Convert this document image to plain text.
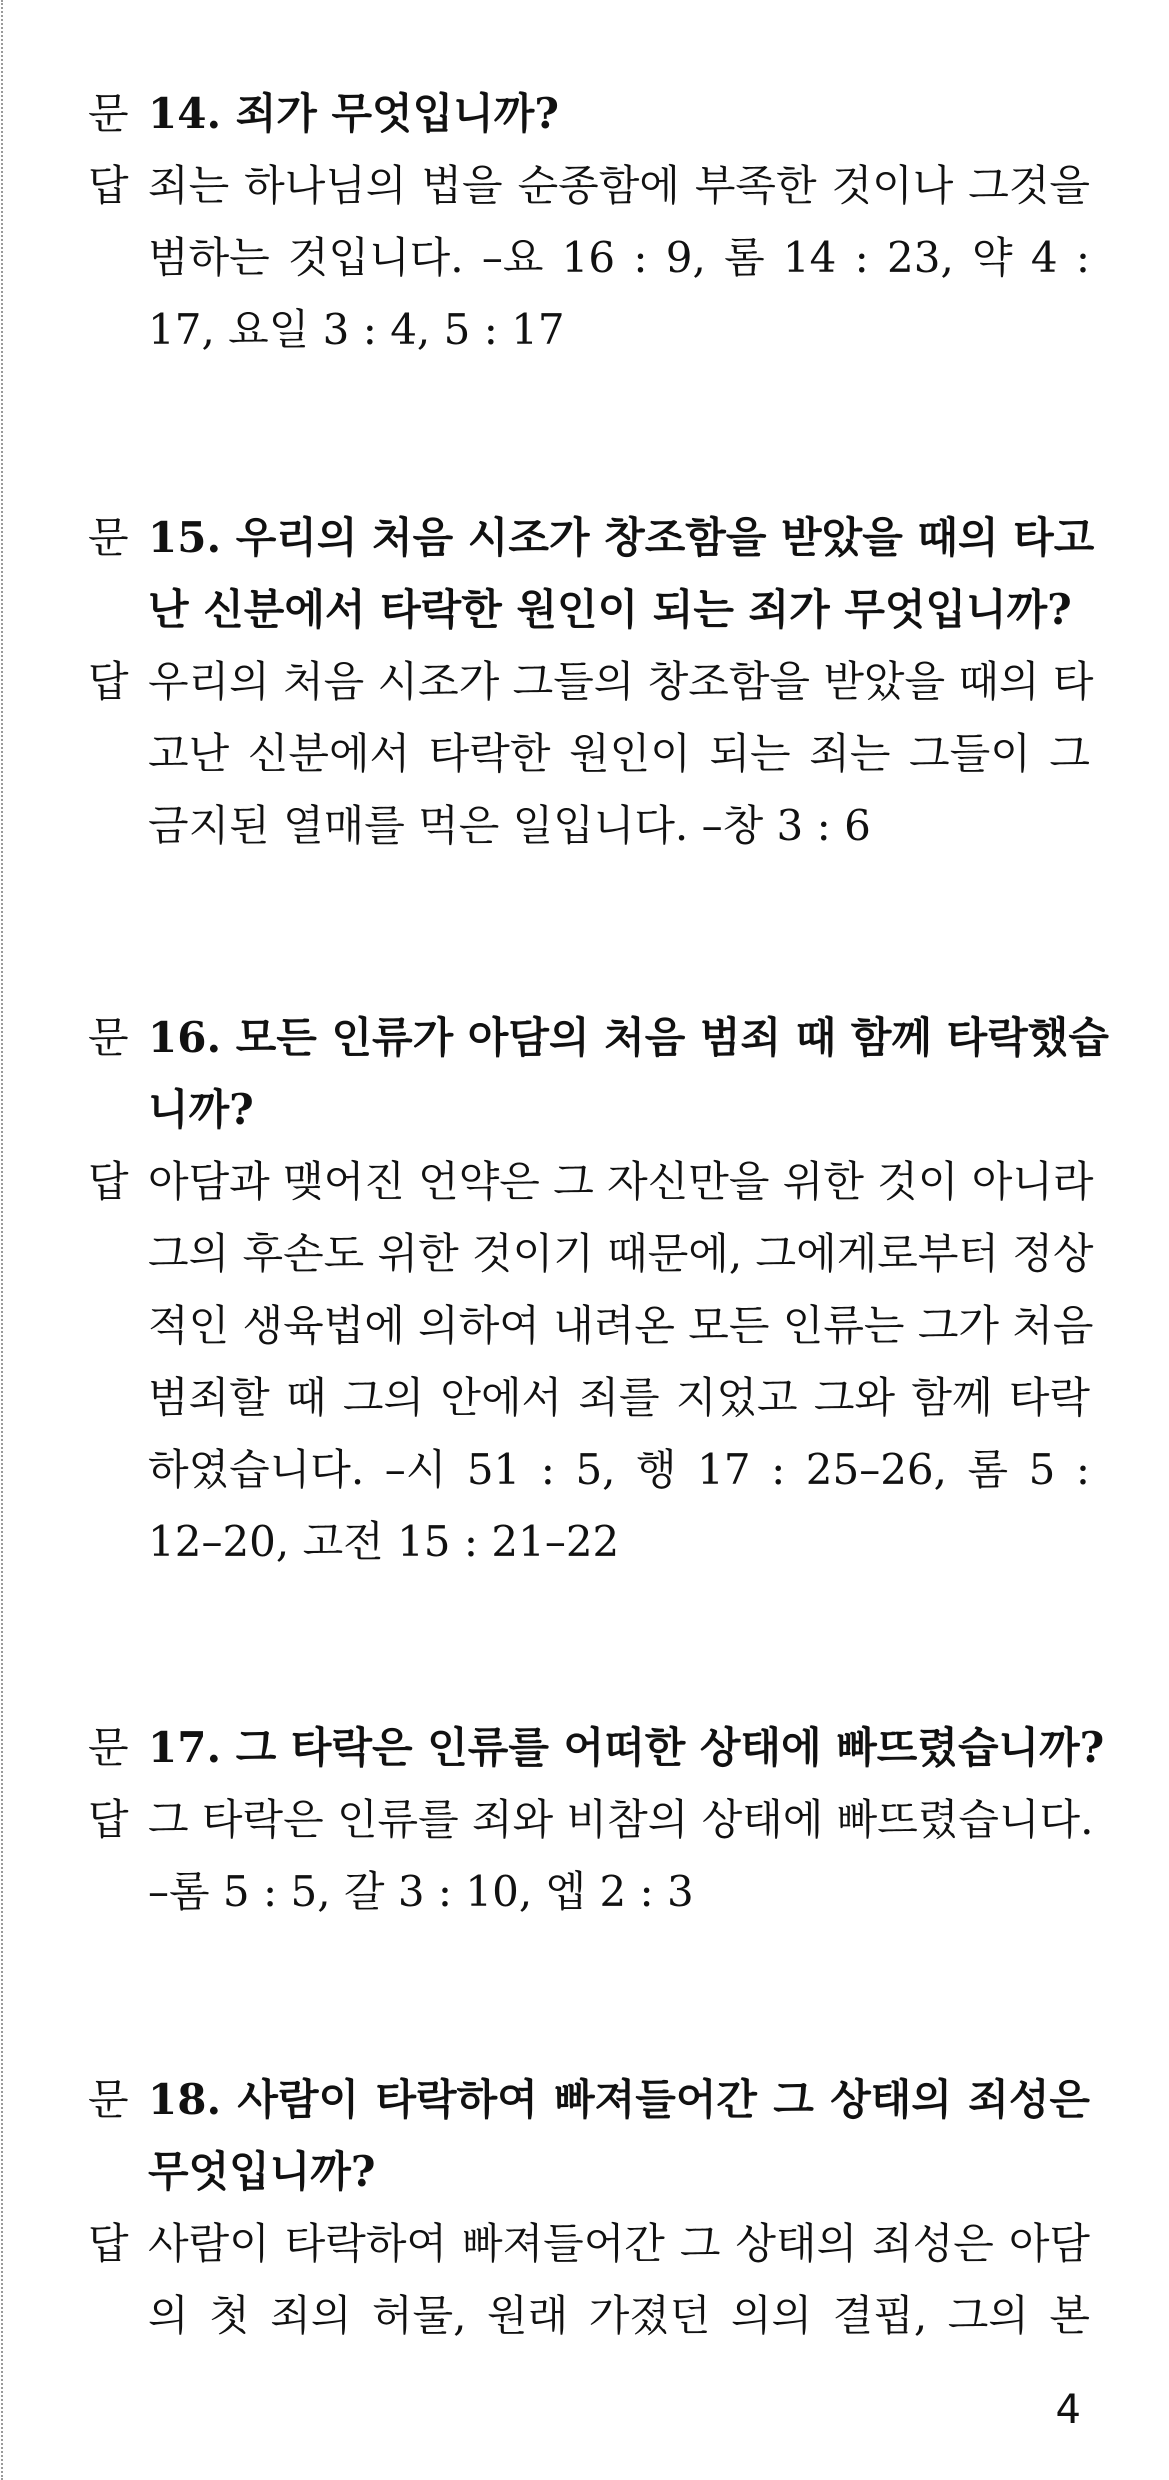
문 14. 죄가 무엇입니까?
답 죄는 하나님의 법을 순종함에 부족한 것이나 그것을
범하는 것입니다. –요 16 : 9, 롬 14 : 23, 약 4 :
17, 요일 3 : 4, 5 : 17
문 15. 우리의 처음 시조가 창조함을 받았을 때의 타고
난 신분에서 타락한 원인이 되는 죄가 무엇입니까?
답 우리의 처음 시조가 그들의 창조함을 받았을 때의 타
고난 신분에서 타락한 원인이 되는 죄는 그들이 그
금지된 열매를 먹은 일입니다. –창 3 : 6
문 16. 모든 인류가 아담의 처음 범죄 때 함께 타락했습
니까?
답 아담과 맺어진 언약은 그 자신만을 위한 것이 아니라
그의 후손도 위한 것이기 때문에, 그에게로부터 정상
적인 생육법에 의하여 내려온 모든 인류는 그가 처음
범죄할 때 그의 안에서 죄를 지었고 그와 함께 타락
하였습니다. –시 51 : 5, 행 17 : 25–26, 롬 5 :
12–20, 고전 15 : 21–22
문 17. 그 타락은 인류를 어떠한 상태에 빠뜨렸습니까?
답 그 타락은 인류를 죄와 비참의 상태에 빠뜨렸습니다.
–롬 5 : 5, 갈 3 : 10, 엡 2 : 3
문 18. 사람이 타락하여 빠져들어간 그 상태의 죄성은
무엇입니까?
답 사람이 타락하여 빠져들어간 그 상태의 죄성은 아담
의 첫 죄의 허물, 원래 가졌던 의의 결핍, 그의 본
4
